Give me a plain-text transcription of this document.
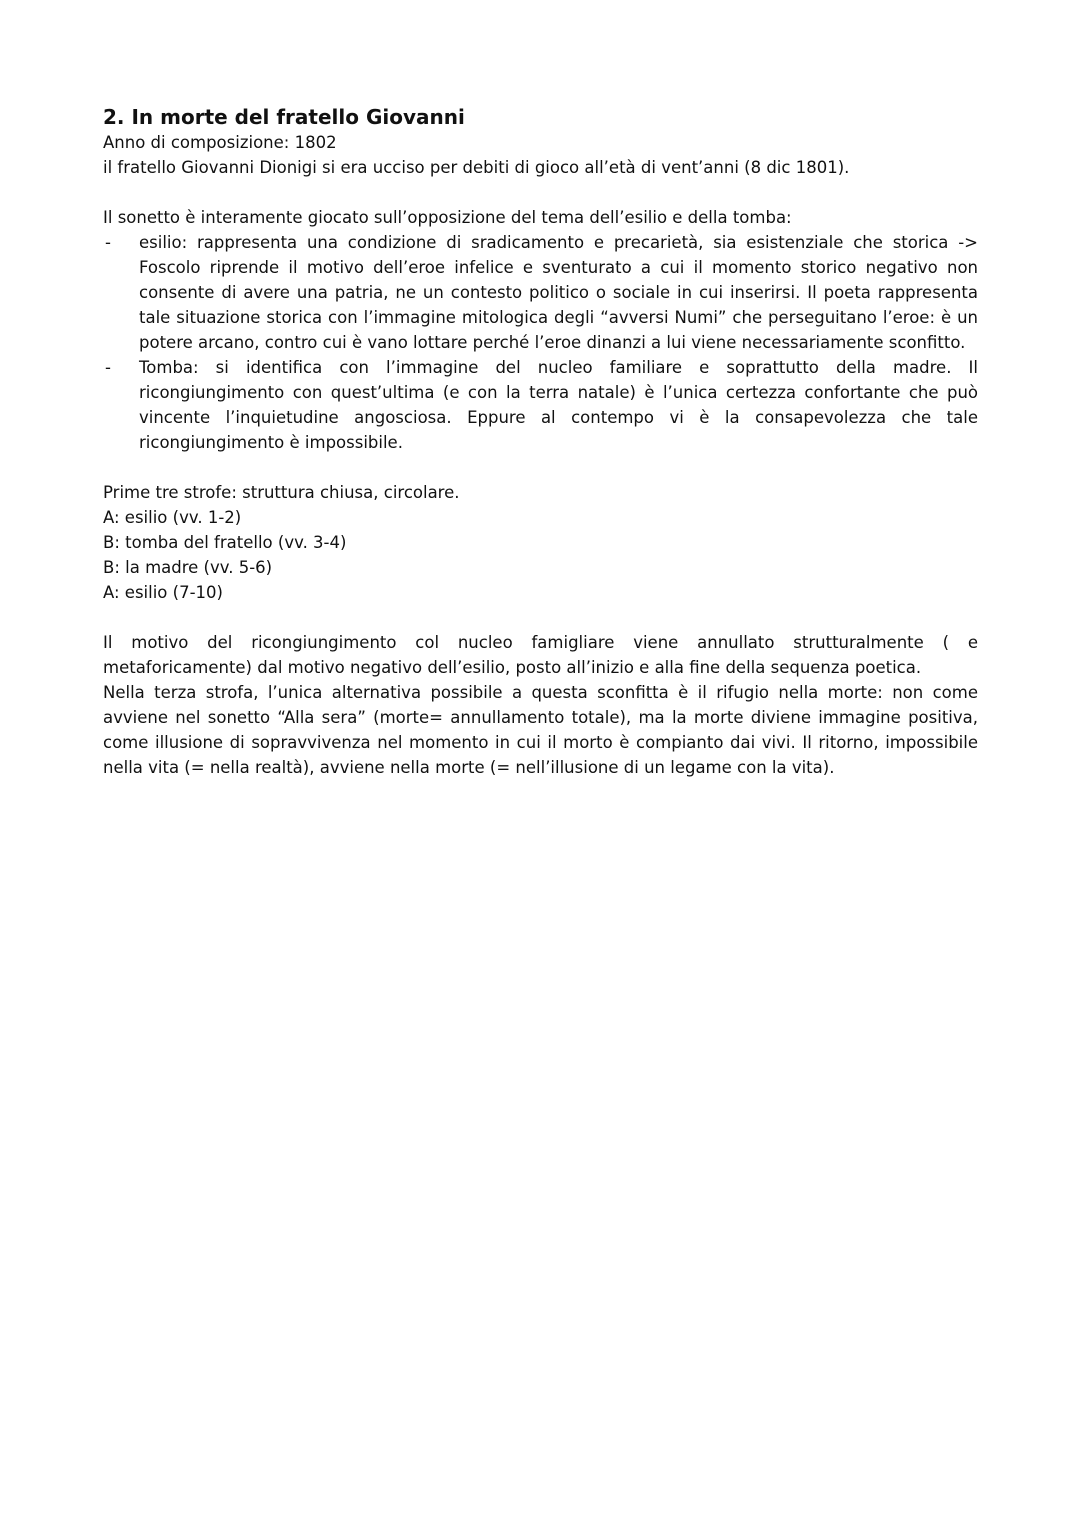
2. In morte del fratello Giovanni

Anno di composizione: 1802

il fratello Giovanni Dionigi si era ucciso per debiti di gioco all’età di vent’anni (8 dic 1801).

Il sonetto è interamente giocato sull’opposizione del tema dell’esilio e della tomba:

- esilio: rappresenta una condizione di sradicamento e precarietà, sia esistenziale che storica -> Foscolo riprende il motivo dell’eroe infelice e sventurato a cui il momento storico negativo non consente di avere una patria, ne un contesto politico o sociale in cui inserirsi. Il poeta rappresenta tale situazione storica con l’immagine mitologica degli “avversi Numi” che perseguitano l’eroe: è un potere arcano, contro cui è vano lottare perché l’eroe dinanzi a lui viene necessariamente sconfitto.
- Tomba: si identifica con l’immagine del nucleo familiare e soprattutto della madre. Il ricongiungimento con quest’ultima (e con la terra natale) è l’unica certezza confortante che può vincente l’inquietudine angosciosa. Eppure al contempo vi è la consapevolezza che tale ricongiungimento è impossibile.

Prime tre strofe: struttura chiusa, circolare.

A: esilio (vv. 1-2)

B: tomba del fratello (vv. 3-4)

B: la madre (vv. 5-6)

A: esilio (7-10)

Il motivo del ricongiungimento col nucleo famigliare viene annullato strutturalmente ( e metaforicamente) dal motivo negativo dell’esilio, posto all’inizio e alla fine della sequenza poetica.

Nella terza strofa, l’unica alternativa possibile a questa sconfitta è il rifugio nella morte: non come avviene nel sonetto “Alla sera” (morte= annullamento totale), ma la morte diviene immagine positiva, come illusione di sopravvivenza nel momento in cui il morto è compianto dai vivi. Il ritorno, impossibile nella vita (= nella realtà), avviene nella morte (= nell’illusione di un legame con la vita).
